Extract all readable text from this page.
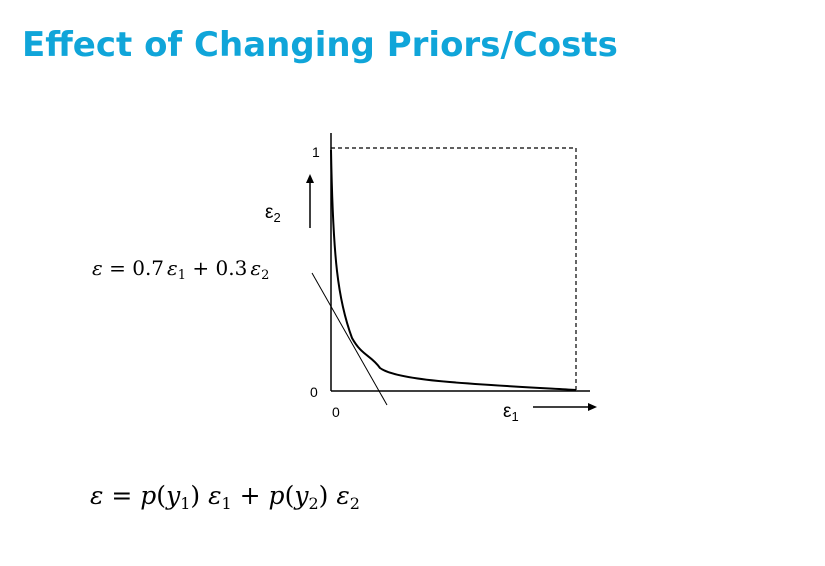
Effect of Changing Priors/Costs
1
0
0
$\varepsilon_2$
$\varepsilon_1$
ε = 0.7 $\varepsilon_1 + 0.3$ $\varepsilon_2$
$\varepsilon = p(y_1) \varepsilon_1 + p(y_2)$ $\varepsilon_2$
